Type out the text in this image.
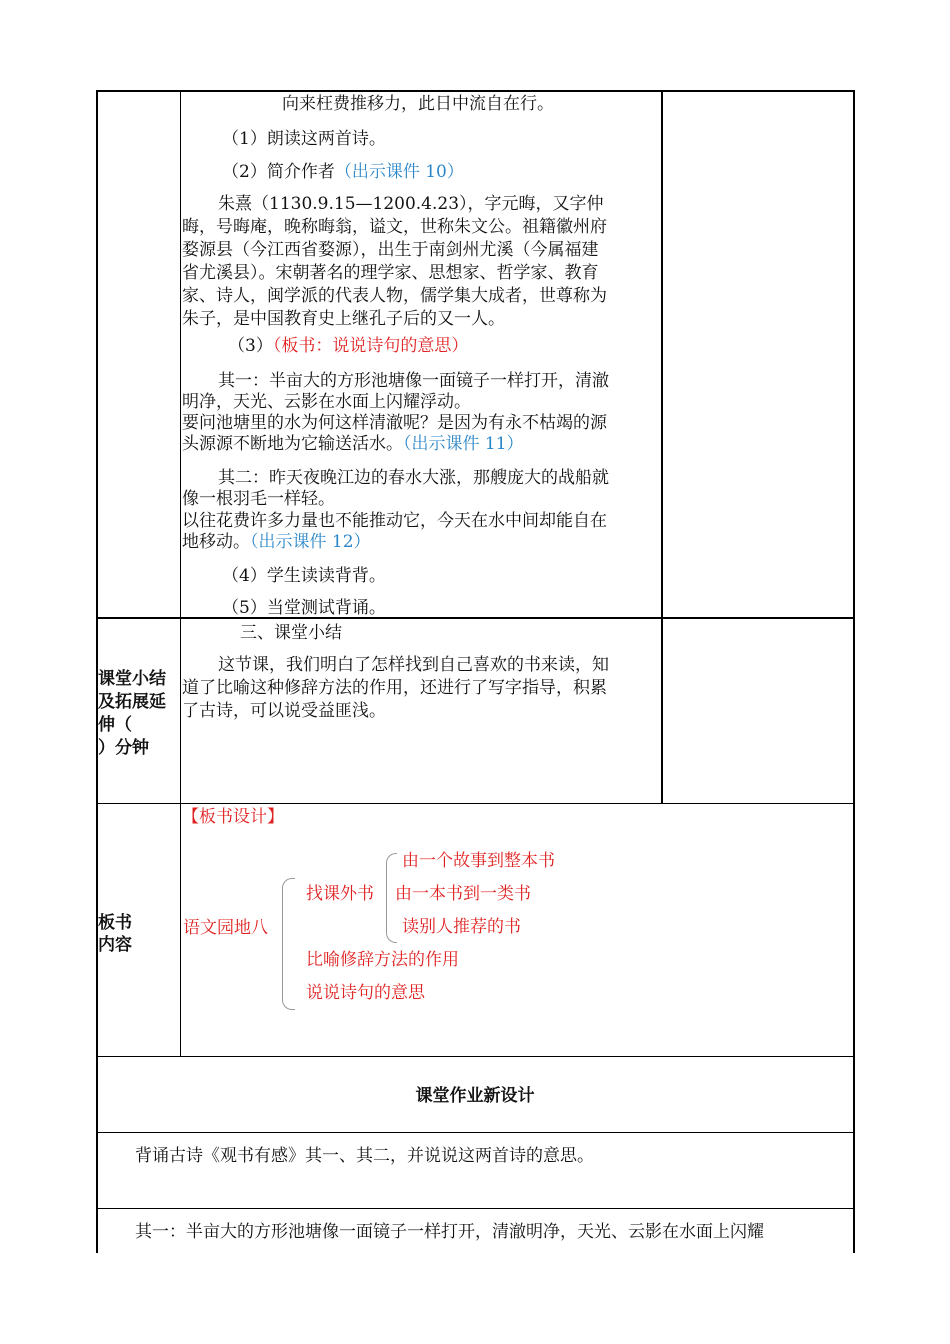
向来枉费推移力，此日中流自在行。
（1）朗读这两首诗。
（2）简介作者（出示课件 10）
朱熹（1130.9.15—1200.4.23），字元晦，又字仲
晦，号晦庵，晚称晦翁，谥文，世称朱文公。祖籍徽州府
婺源县（今江西省婺源），出生于南剑州尤溪（今属福建
省尤溪县）。宋朝著名的理学家、思想家、哲学家、教育
家、诗人，闽学派的代表人物，儒学集大成者，世尊称为
朱子，是中国教育史上继孔子后的又一人。
（3）（板书：说说诗句的意思）
其一：半亩大的方形池塘像一面镜子一样打开，清澈
明净，天光、云影在水面上闪耀浮动。
要问池塘里的水为何这样清澈呢？是因为有永不枯竭的源
头源源不断地为它输送活水。（出示课件 11）
其二：昨天夜晚江边的春水大涨，那艘庞大的战船就
像一根羽毛一样轻。
以往花费许多力量也不能推动它，今天在水中间却能自在
地移动。（出示课件 12）
（4）学生读读背背。
（5）当堂测试背诵。
课堂小结
及拓展延
伸（
）分钟
三、课堂小结
这节课，我们明白了怎样找到自己喜欢的书来读，知
道了比喻这种修辞方法的作用，还进行了写字指导，积累
了古诗，可以说受益匪浅。
板书
内容
【板书设计】
语文园地八
找课外书
由一个故事到整本书
由一本书到一类书
读别人推荐的书
比喻修辞方法的作用
说说诗句的意思
课堂作业新设计
背诵古诗《观书有感》其一、其二，并说说这两首诗的意思。
其一：半亩大的方形池塘像一面镜子一样打开，清澈明净，天光、云影在水面上闪耀
